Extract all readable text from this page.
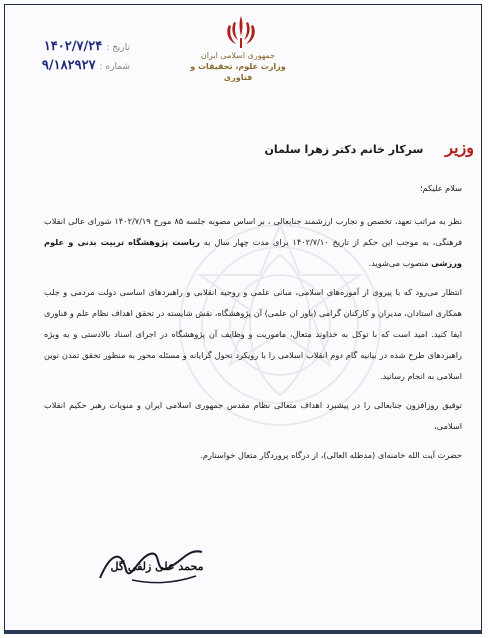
جمهوری اسلامی ایران
وزارت علوم، تحقیقات و فناوری
تاریخ :
۱۴۰۲/۷/۲۴
شماره :
۹/۱۸۲۹۲۷
وزیر
سرکار خانم دکتر زهرا سلمان

سلام علیکم؛

نظر به مراتب تعهد، تخصص و تجارب ارزشمند جنابعالی ، بر اساس مصوبه جلسه ۸۵ مورخ ۱۴۰۲/۷/۱۹ شورای عالی انقلاب فرهنگی، به موجب این حکم از تاریخ ۱۴۰۲/۷/۱۰ برای مدت چهار سال به ریاست پژوهشگاه تربیت بدنی و علوم ورزشی منصوب می‌شوید.

انتظار می‌رود که با پیروی از آموزه‌های اسلامی، مبانی علمی و روحیه انقلابی و راهبردهای اساسی دولت مردمی و جلب همکاری استادان، مدیران و کارکنان گرامی (باور ان علمی) آن پژوهشگاه، نقش شایسته در تحقق اهداف نظام علم و فناوری ایفا کنید. امید است که با توکل به خداوند متعال، ماموریت و وظایف آن پژوهشگاه در اجرای اسناد بالادستی و به ویژه راهبردهای طرح شده در بیانیه گام دوم انقلاب اسلامی را با رویکرد تحول گرایانه و مسئله محور به منظور تحقق تمدن نوین اسلامی به انجام رسانید.

توفیق روزافزون جنابعالی را در پیشبرد اهداف متعالی نظام مقدس جمهوری اسلامی ایران و منویات رهبر حکیم انقلاب اسلامی،

حضرت آیت الله خامنه‌ای (مدظله العالی)، از درگاه پروردگار متعال خواستارم.

محمد علی زلفی گل
